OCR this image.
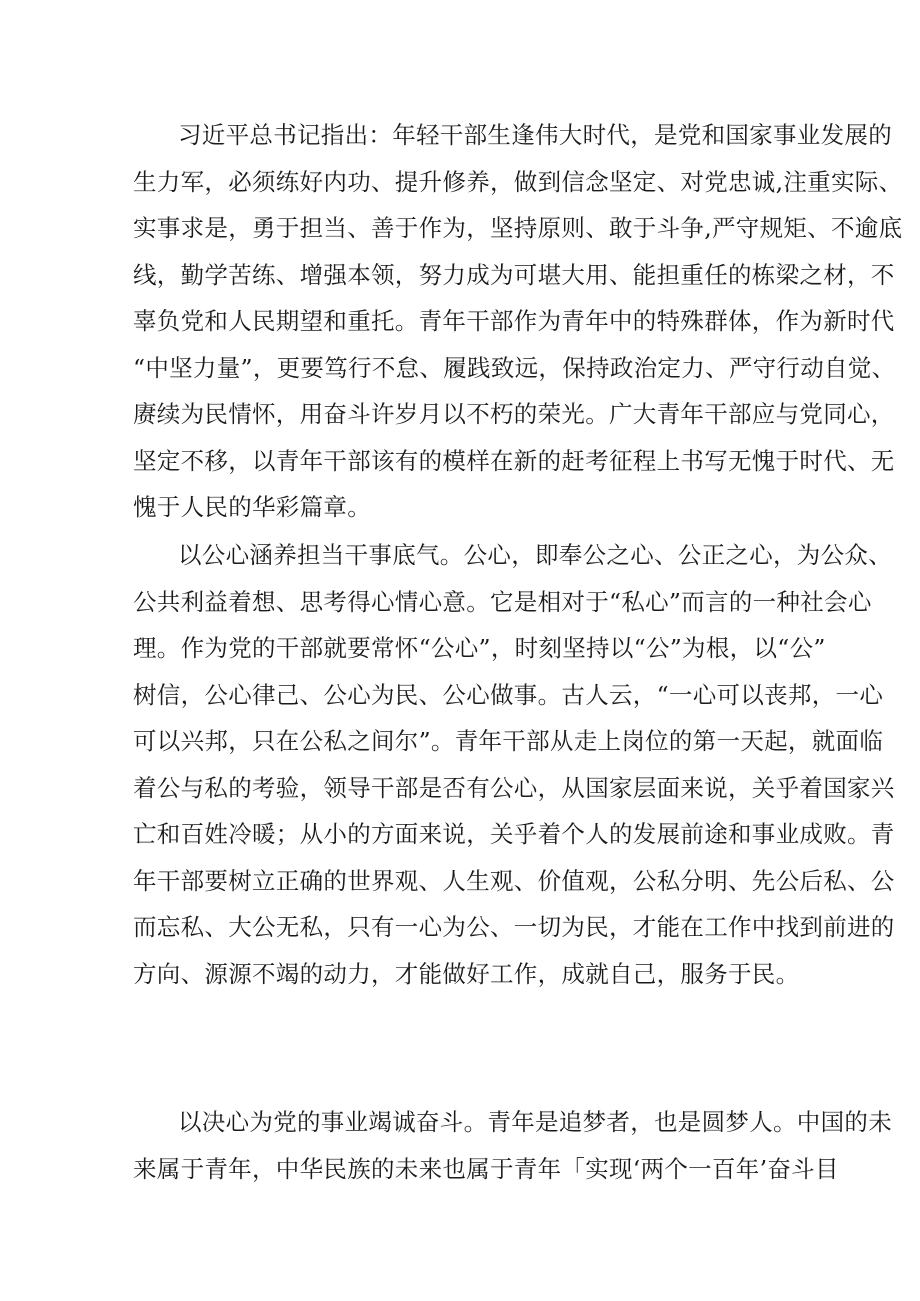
习近平总书记指出：年轻干部生逢伟大时代，是党和国家事业发展的
生力军，必须练好内功、提升修养，做到信念坚定、对党忠诚,注重实际、
实事求是，勇于担当、善于作为，坚持原则、敢于斗争,严守规矩、不逾底
线，勤学苦练、增强本领，努力成为可堪大用、能担重任的栋梁之材，不
辜负党和人民期望和重托。青年干部作为青年中的特殊群体，作为新时代
“中坚力量”，更要笃行不怠、履践致远，保持政治定力、严守行动自觉、
赓续为民情怀，用奋斗许岁月以不朽的荣光。广大青年干部应与党同心，
坚定不移，以青年干部该有的模样在新的赶考征程上书写无愧于时代、无
愧于人民的华彩篇章。
以公心涵养担当干事底气。公心，即奉公之心、公正之心，为公众、
公共利益着想、思考得心情心意。它是相对于“私心”而言的一种社会心
理。作为党的干部就要常怀“公心”，时刻坚持以“公”为根，以“公”
树信，公心律己、公心为民、公心做事。古人云，“一心可以丧邦，一心
可以兴邦，只在公私之间尔”。青年干部从走上岗位的第一天起，就面临
着公与私的考验，领导干部是否有公心，从国家层面来说，关乎着国家兴
亡和百姓冷暖；从小的方面来说，关乎着个人的发展前途和事业成败。青
年干部要树立正确的世界观、人生观、价值观，公私分明、先公后私、公
而忘私、大公无私，只有一心为公、一切为民，才能在工作中找到前进的
方向、源源不竭的动力，才能做好工作，成就自己，服务于民。
以决心为党的事业竭诚奋斗。青年是追梦者，也是圆梦人。中国的未
来属于青年，中华民族的未来也属于青年「实现‘两个一百年’奋斗目
